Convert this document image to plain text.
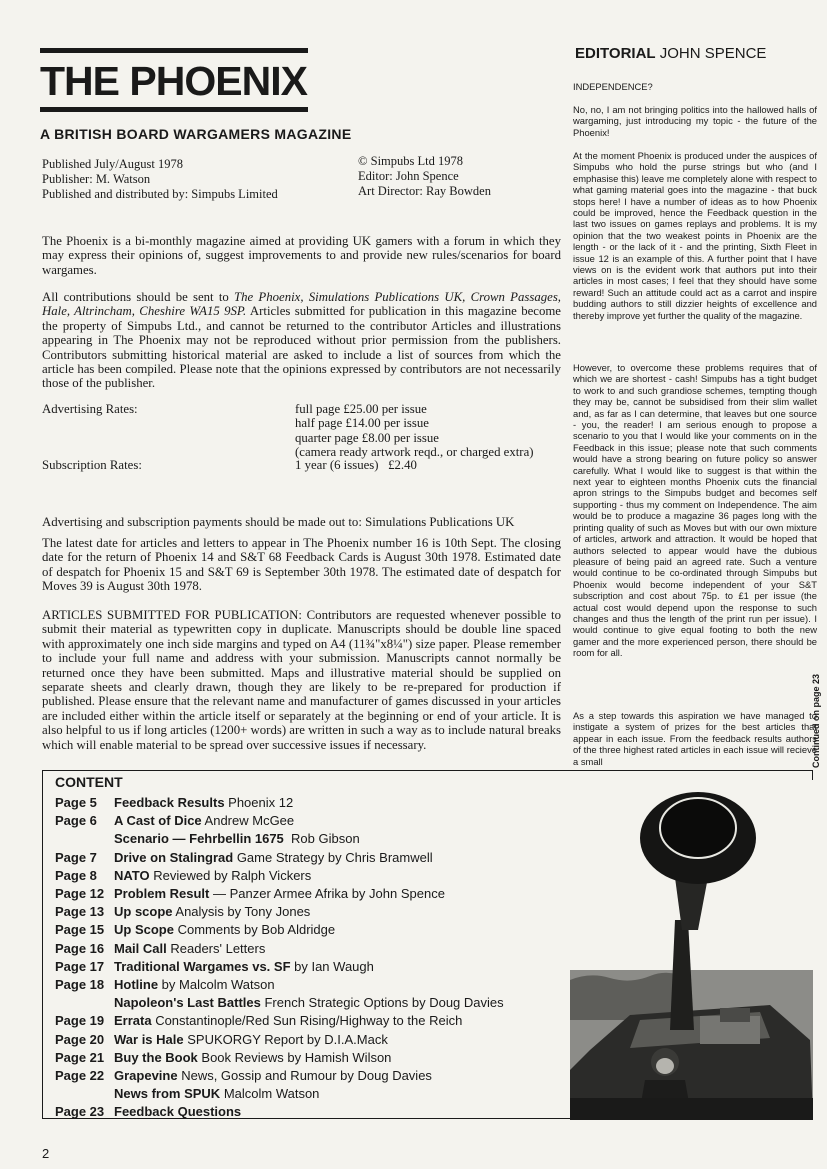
THE PHOENIX
A BRITISH BOARD WARGAMERS MAGAZINE
Published July/August 1978
Publisher: M. Watson
Published and distributed by: Simpubs Limited
© Simpubs Ltd 1978
Editor: John Spence
Art Director: Ray Bowden
The Phoenix is a bi-monthly magazine aimed at providing UK gamers with a forum in which they may express their opinions of, suggest improvements to and provide new rules/scenarios for board wargames.
All contributions should be sent to The Phoenix, Simulations Publications UK, Crown Passages, Hale, Altrincham, Cheshire WA15 9SP. Articles submitted for publication in this magazine become the property of Simpubs Ltd., and cannot be returned to the contributor Articles and illustrations appearing in The Phoenix may not be reproduced without prior permission from the publishers. Contributors submitting historical material are asked to include a list of sources from which the article has been compiled. Please note that the opinions expressed by contributors are not necessarily those of the publisher.
Advertising Rates:	full page £25.00 per issue
half page £14.00 per issue
quarter page £8.00 per issue
(camera ready artwork reqd., or charged extra)
Subscription Rates:	1 year (6 issues)   £2.40
Advertising and subscription payments should be made out to: Simulations Publications UK
The latest date for articles and letters to appear in The Phoenix number 16 is 10th Sept. The closing date for the return of Phoenix 14 and S&T 68 Feedback Cards is August 30th 1978. Estimated date of despatch for Phoenix 15 and S&T 69 is September 30th 1978. The estimated date of despatch for Moves 39 is August 30th 1978.
ARTICLES SUBMITTED FOR PUBLICATION: Contributors are requested whenever possible to submit their material as typewritten copy in duplicate. Manuscripts should be double line spaced with approximately one inch side margins and typed on A4 (11¾"x8¼") size paper. Please remember to include your full name and address with your submission. Manuscripts cannot normally be returned once they have been submitted. Maps and illustrative material should be supplied on separate sheets and clearly drawn, though they are likely to be re-prepared for production if published. Please ensure that the relevant name and manufacturer of games discussed in your articles are included either within the article itself or separately at the beginning or end of your article. It is also helpful to us if long articles (1200+ words) are written in such a way as to include natural breaks which will enable material to be spread over successive issues if necessary.
EDITORIAL JOHN SPENCE
INDEPENDENCE?
No, no, I am not bringing politics into the hallowed halls of wargaming, just introducing my topic - the future of the Phoenix!
At the moment Phoenix is produced under the auspices of Simpubs who hold the purse strings but who (and I emphasise this) leave me completely alone with respect to what gaming material goes into the magazine - that buck stops here! I have a number of ideas as to how Phoenix could be improved, hence the Feedback question in the last two issues on games replays and problems. It is my opinion that the two weakest points in Phoenix are the length - or the lack of it - and the printing, Sixth Fleet in issue 12 is an example of this. A further point that I have views on is the evident work that authors put into their articles in most cases; I feel that they should have some reward! Such an attitude could act as a carrot and inspire budding authors to still dizzier heights of excellence and thereby improve yet further the quality of the magazine.
However, to overcome these problems requires that of which we are shortest - cash! Simpubs has a tight budget to work to and such grandiose schemes, tempting though they may be, cannot be subsidised from their slim wallet and, as far as I can determine, that leaves but one source - you, the reader! I am serious enough to propose a scenario to you that I would like your comments on in the Feedback in this issue; please note that such comments would have a strong bearing on future policy so answer carefully. What I would like to suggest is that within the next year to eighteen months Phoenix cuts the financial apron strings to the Simpubs budget and becomes self supporting - thus my comment on Independence. The aim would be to produce a magazine 36 pages long with the printing quality of such as Moves but with our own mixture of articles, artwork and attraction. It would be hoped that authors selected to appear would have the dubious pleasure of being paid an agreed rate. Such a venture would continue to be co-ordinated through Simpubs but Phoenix would become independent of your S&T subscription and cost about 75p. to £1 per issue (the actual cost would depend upon the response to such changes and thus the length of the print run per issue). I would continue to give equal footing to both the new gamer and the more experienced person, there should be room for all.
As a step towards this aspiration we have managed to instigate a system of prizes for the best articles that appear in each issue. From the feedback results authors of the three highest rated articles in each issue will recieve a small	Continued on page 23
CONTENT
Page 5 Feedback Results Phoenix 12
Page 6 A Cast of Dice Andrew McGee
Scenario — Fehrbellin 1675  Rob Gibson
Page 7 Drive on Stalingrad Game Strategy by Chris Bramwell
Page 8 NATO Reviewed by Ralph Vickers
Page 12 Problem Result — Panzer Armee Afrika by John Spence
Page 13 Up scope Analysis by Tony Jones
Page 15 Up Scope Comments by Bob Aldridge
Page 16 Mail Call Readers' Letters
Page 17 Traditional Wargames vs. SF by Ian Waugh
Page 18 Hotline by Malcolm Watson
Napoleon's Last Battles French Strategic Options by Doug Davies
Page 19 Errata Constantinople/Red Sun Rising/Highway to the Reich
Page 20 War is Hale SPUKORGY Report by D.I.A.Mack
Page 21 Buy the Book Book Reviews by Hamish Wilson
Page 22 Grapevine News, Gossip and Rumour by Doug Davies
News from SPUK Malcolm Watson
Page 23 Feedback Questions
2
